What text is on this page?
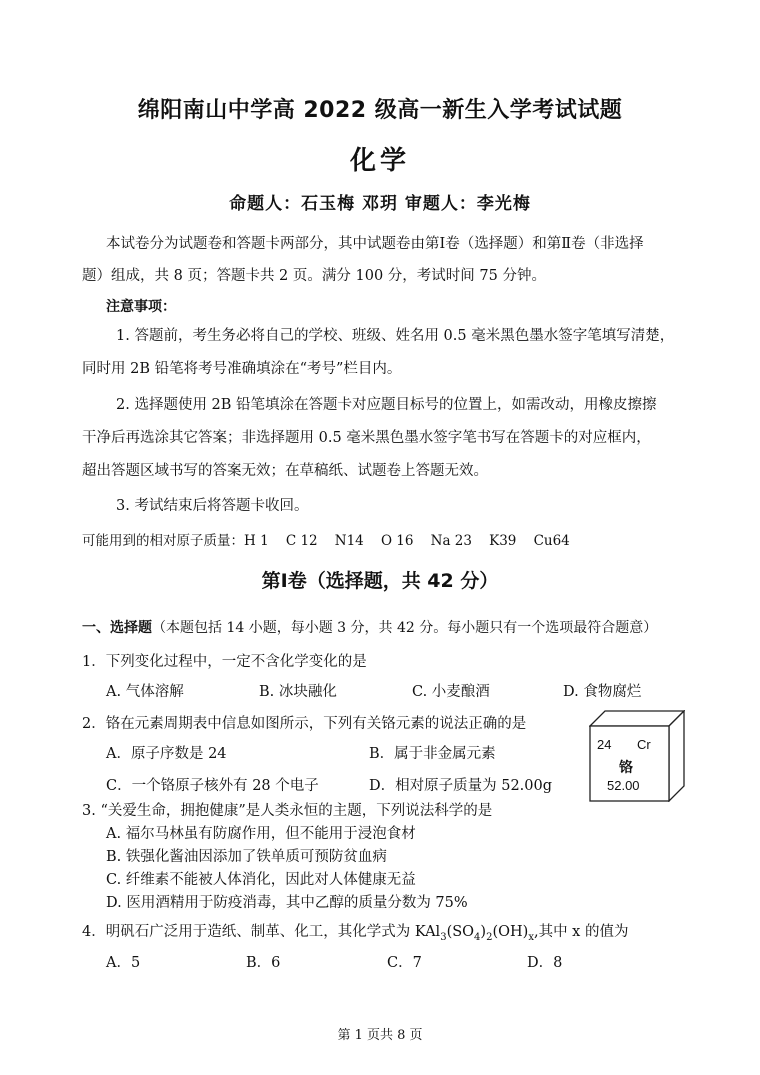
绵阳南山中学高 2022 级高一新生入学考试试题
化学
命题人：石玉梅 邓玥 审题人：李光梅
本试卷分为试题卷和答题卡两部分，其中试题卷由第Ⅰ卷（选择题）和第Ⅱ卷（非选择
题）组成，共 8 页；答题卡共 2 页。满分 100 分，考试时间 75 分钟。
注意事项：
1. 答题前，考生务必将自己的学校、班级、姓名用 0.5 毫米黑色墨水签字笔填写清楚，
同时用 2B 铅笔将考号准确填涂在“考号”栏目内。
2. 选择题使用 2B 铅笔填涂在答题卡对应题目标号的位置上，如需改动，用橡皮擦擦
干净后再选涂其它答案；非选择题用 0.5 毫米黑色墨水签字笔书写在答题卡的对应框内，
超出答题区域书写的答案无效；在草稿纸、试题卷上答题无效。
3. 考试结束后将答题卡收回。
可能用到的相对原子质量：H 1    C 12    N14    O 16    Na 23    K39    Cu64
第Ⅰ卷（选择题，共 42 分）
一、选择题（本题包括 14 小题，每小题 3 分，共 42 分。每小题只有一个选项最符合题意）
1．下列变化过程中，一定不含化学变化的是
A. 气体溶解	B. 冰块融化	C. 小麦酿酒	D. 食物腐烂
2．铬在元素周期表中信息如图所示，下列有关铬元素的说法正确的是
A．原子序数是 24	B．属于非金属元素
C．一个铬原子核外有 28 个电子	D．相对原子质量为 52.00g
24 Cr
铬
52.00
3. “关爱生命，拥抱健康”是人类永恒的主题，下列说法科学的是
A. 福尔马林虽有防腐作用，但不能用于浸泡食材
B. 铁强化酱油因添加了铁单质可预防贫血病
C. 纤维素不能被人体消化，因此对人体健康无益
D. 医用酒精用于防疫消毒，其中乙醇的质量分数为 75%
4．明矾石广泛用于造纸、制革、化工，其化学式为 $KAl_3(SO_4)_2(OH)_x$,其中 x 的值为
A．5	B．6	C．7	D．8
第 1 页共 8 页
